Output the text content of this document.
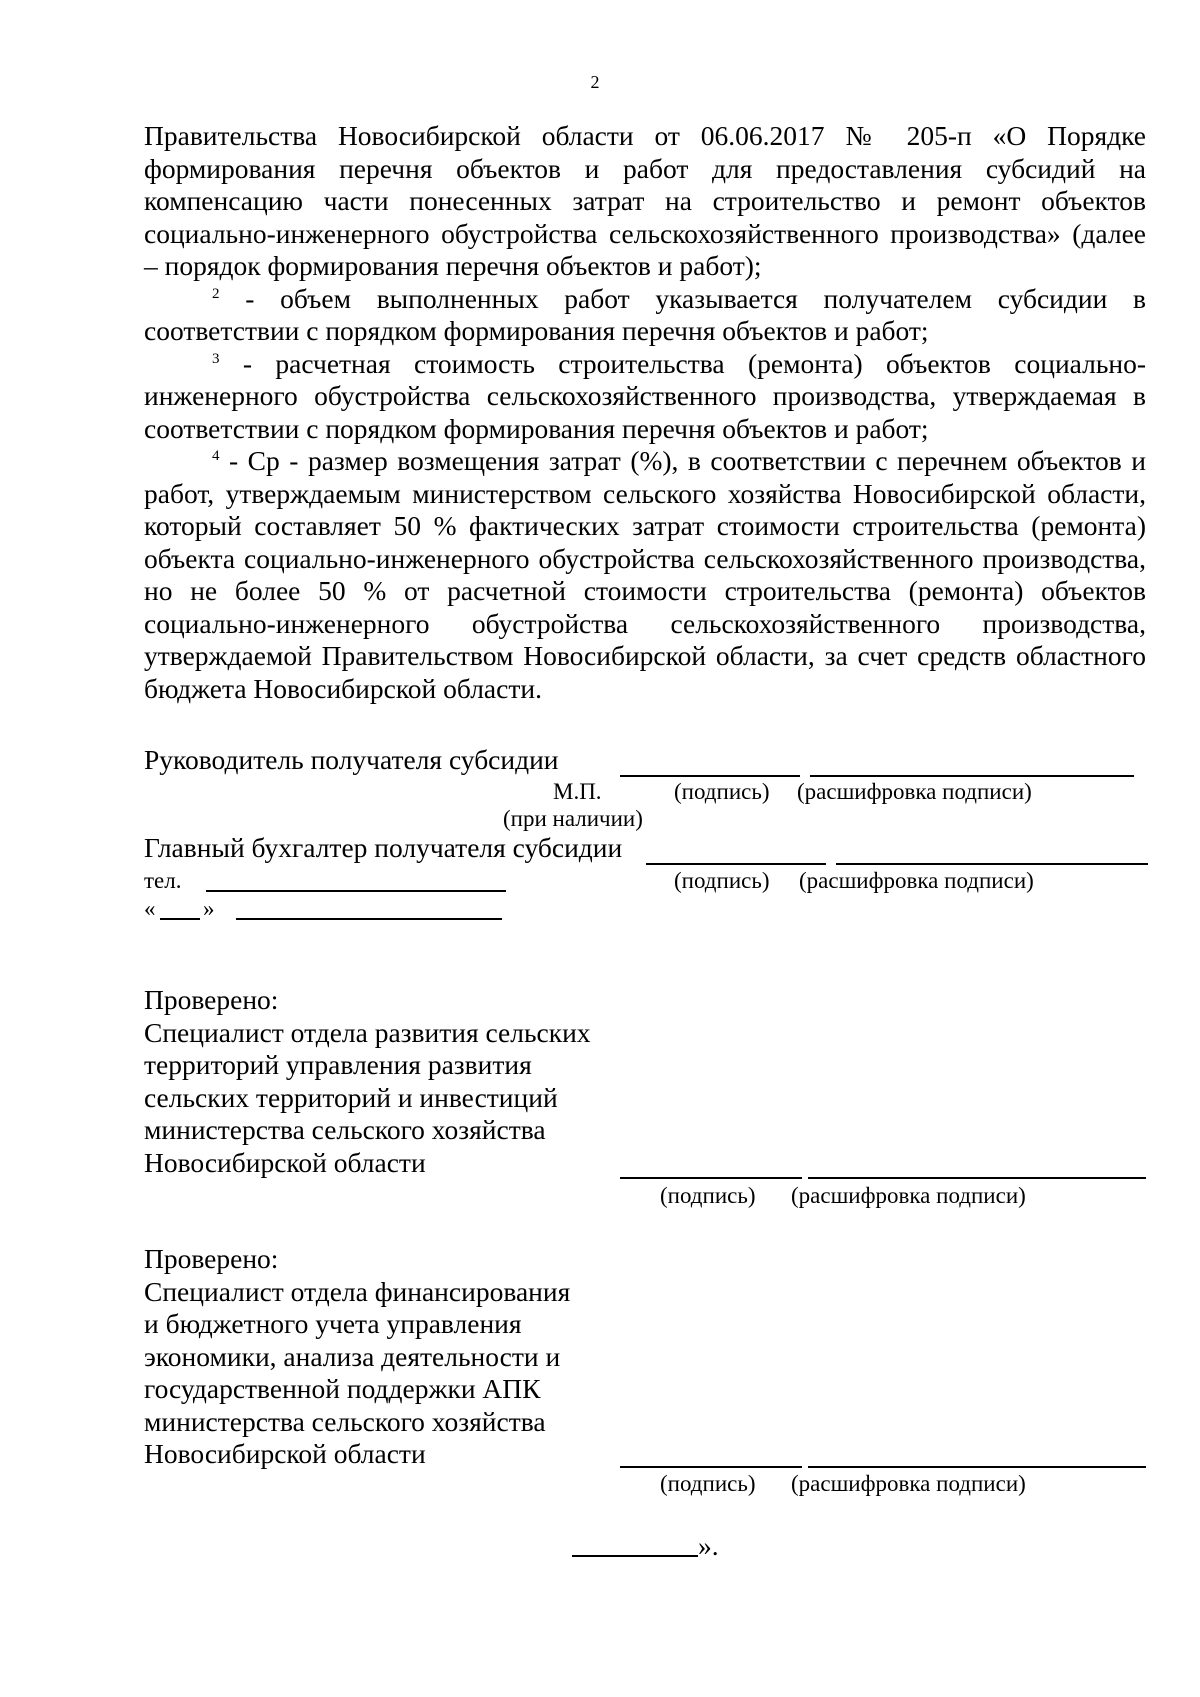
2

Правительства Новосибирской области от 06.06.2017 № 205-п «О Порядке формирования перечня объектов и работ для предоставления субсидий на компенсацию части понесенных затрат на строительство и ремонт объектов социально-инженерного обустройства сельскохозяйственного производства» (далее – порядок формирования перечня объектов и работ);

$^2$ - объем выполненных работ указывается получателем субсидии в соответствии с порядком формирования перечня объектов и работ;

$^3$ - расчетная стоимость строительства (ремонта) объектов социально-инженерного обустройства сельскохозяйственного производства, утверждаемая в соответствии с порядком формирования перечня объектов и работ;

$^4$ - Ср - размер возмещения затрат (%), в соответствии с перечнем объектов и работ, утверждаемым министерством сельского хозяйства Новосибирской области, который составляет 50 % фактических затрат стоимости строительства (ремонта) объекта социально-инженерного обустройства сельскохозяйственного производства, но не более 50 % от расчетной стоимости строительства (ремонта) объектов социально-инженерного обустройства сельскохозяйственного производства, утверждаемой Правительством Новосибирской области, за счет средств областного бюджета Новосибирской области.

Руководитель получателя субсидии
М.П.	(подпись) (расшифровка подписи)
(при наличии)
Главный бухгалтер получателя субсидии
(подпись) (расшифровка подписи)
тел.
« »
Проверено:
Специалист отдела развития сельских
территорий управления развития
сельских территорий и инвестиций
министерства сельского хозяйства
Новосибирской области
(подпись) (расшифровка подписи)
Проверено:
Специалист отдела финансирования
и бюджетного учета управления
экономики, анализа деятельности и
государственной поддержки АПК
министерства сельского хозяйства
Новосибирской области
(подпись) (расшифровка подписи)
».
